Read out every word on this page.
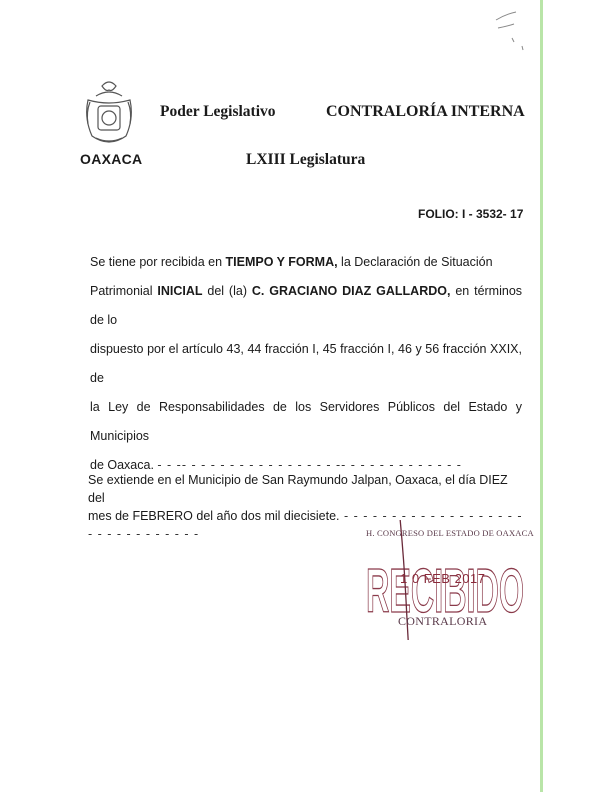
OAXACA
Poder Legislativo	CONTRALORÍA INTERNA
LXIII Legislatura
FOLIO: I - 3532- 17

Se tiene por recibida en TIEMPO Y FORMA, la Declaración de Situación

Patrimonial INICIAL del (la) C. GRACIANO DIAZ GALLARDO, en términos de lo

dispuesto por el artículo 43, 44 fracción I, 45 fracción I, 46 y 56 fracción XXIX, de

la Ley de Responsabilidades de los Servidores Públicos del Estado y Municipios

de Oaxaca. - - -- - - - - - - - - - - - - - - - -- - - - - - - - - - - - -

Se extiende en el Municipio de San Raymundo Jalpan, Oaxaca, el día DIEZ del
mes de FEBRERO del año dos mil diecisiete. - - - - - - - - - - - - - - - - - - - - - - - - - - - - - - -
RECIBIDO
H. CONGRESO DEL ESTADO DE OAXACA
1 0 FEB 2017
CONTRALORIA
